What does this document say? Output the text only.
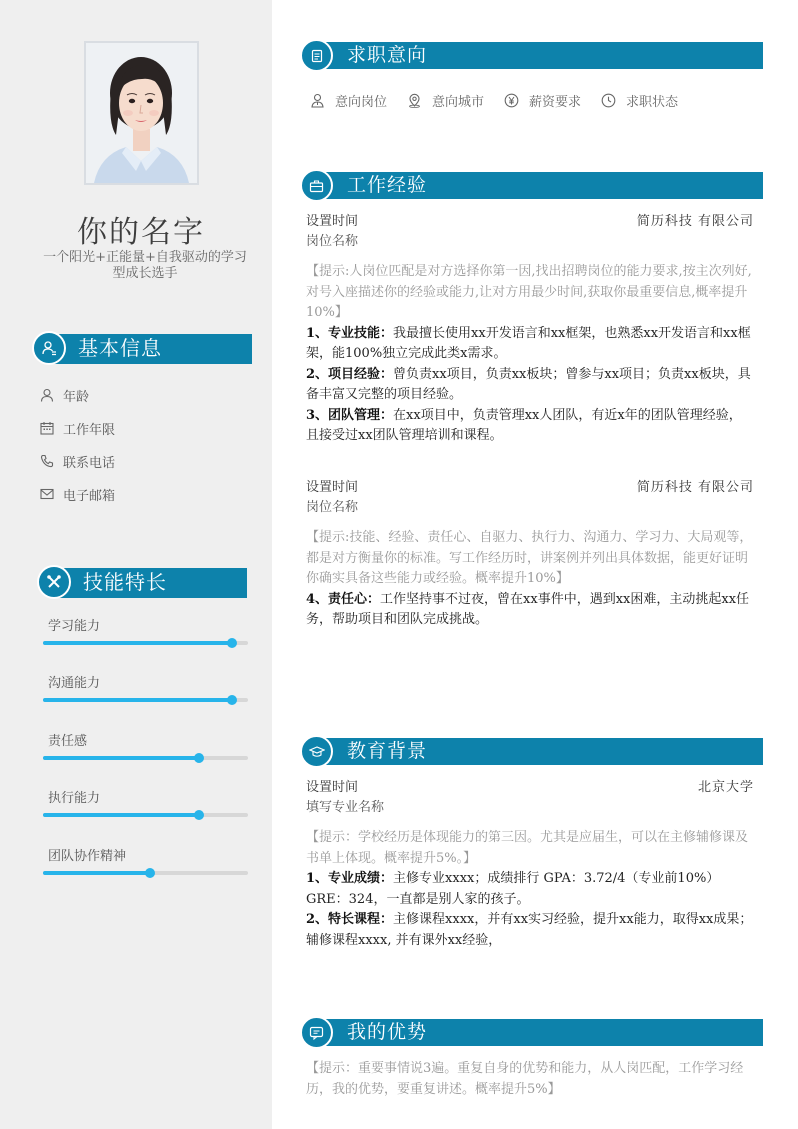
你的名字
一个阳光+正能量+自我驱动的学习型成长选手
基本信息
年龄
工作年限
联系电话
电子邮箱
技能特长
学习能力
沟通能力
责任感
执行能力
团队协作精神
求职意向
意向岗位	意向城市	薪资要求	求职状态
工作经验
设置时间	简历科技 有限公司
岗位名称
【提示:人岗位匹配是对方选择你第一因,找出招聘岗位的能力要求,按主次列好,对号入座描述你的经验或能力,让对方用最少时间,获取你最重要信息,概率提升10%】
1、专业技能：我最擅长使用xx开发语言和xx框架，也熟悉xx开发语言和xx框架，能100%独立完成此类x需求。
2、项目经验：曾负责xx项目，负责xx板块；曾参与xx项目；负责xx板块，具备丰富又完整的项目经验。
3、团队管理：在xx项目中，负责管理xx人团队，有近x年的团队管理经验，且接受过xx团队管理培训和课程。
设置时间	简历科技 有限公司
岗位名称
【提示:技能、经验、责任心、自驱力、执行力、沟通力、学习力、大局观等，都是对方衡量你的标准。写工作经历时，讲案例并列出具体数据，能更好证明你确实具备这些能力或经验。概率提升10%】
4、责任心：工作坚持事不过夜，曾在xx事件中，遇到xx困难，主动挑起xx任务，帮助项目和团队完成挑战。
教育背景
设置时间	北京大学
填写专业名称
【提示：学校经历是体现能力的第三因。尤其是应届生，可以在主修辅修课及书单上体现。概率提升5%。】
1、专业成绩：主修专业xxxx；成绩排行 GPA：3.72/4（专业前10%）GRE：324，一直都是别人家的孩子。
2、特长课程：主修课程xxxx，并有xx实习经验，提升xx能力，取得xx成果；辅修课程xxxx, 并有课外xx经验，
我的优势
【提示：重要事情说3遍。重复自身的优势和能力，从人岗匹配，工作学习经历，我的优势，要重复讲述。概率提升5%】
